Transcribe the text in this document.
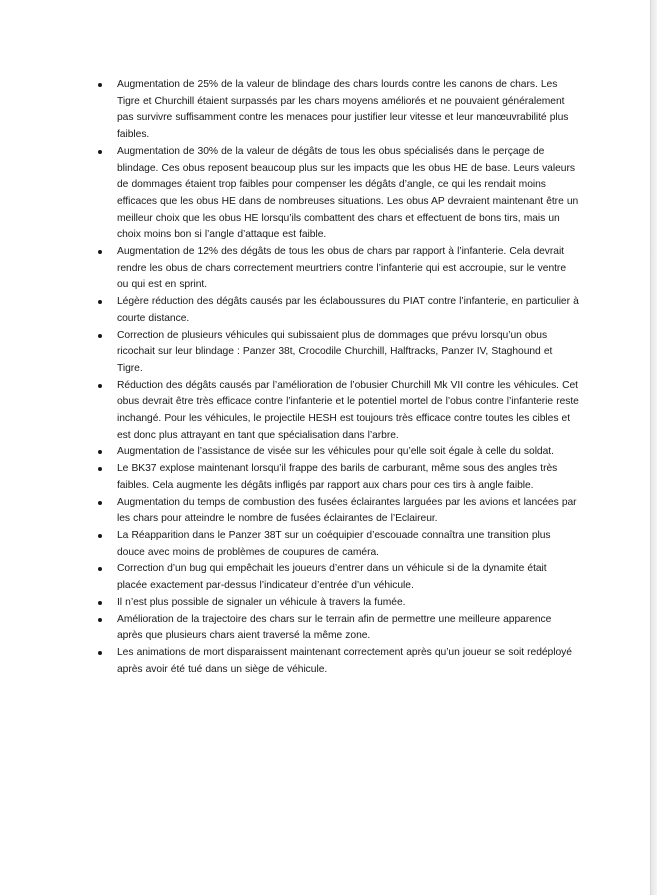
Augmentation de 25% de la valeur de blindage des chars lourds contre les canons de chars. Les Tigre et Churchill étaient surpassés par les chars moyens améliorés et ne pouvaient généralement pas survivre suffisamment contre les menaces pour justifier leur vitesse et leur manœuvrabilité plus faibles.
Augmentation de 30% de la valeur de dégâts de tous les obus spécialisés dans le perçage de blindage. Ces obus reposent beaucoup plus sur les impacts que les obus HE de base. Leurs valeurs de dommages étaient trop faibles pour compenser les dégâts d’angle, ce qui les rendait moins efficaces que les obus HE dans de nombreuses situations. Les obus AP devraient maintenant être un meilleur choix que les obus HE lorsqu’ils combattent des chars et effectuent de bons tirs, mais un choix moins bon si l’angle d’attaque est faible.
Augmentation de 12% des dégâts de tous les obus de chars par rapport à l’infanterie. Cela devrait rendre les obus de chars correctement meurtriers contre l’infanterie qui est accroupie, sur le ventre ou qui est en sprint.
Légère réduction des dégâts causés par les éclaboussures du PIAT contre l’infanterie, en particulier à courte distance.
Correction de plusieurs véhicules qui subissaient plus de dommages que prévu lorsqu’un obus ricochait sur leur blindage : Panzer 38t, Crocodile Churchill, Halftracks, Panzer IV, Staghound et Tigre.
Réduction des dégâts causés par l’amélioration de l’obusier Churchill Mk VII contre les véhicules. Cet obus devrait être très efficace contre l’infanterie et le potentiel mortel de l’obus contre l’infanterie reste inchangé. Pour les véhicules, le projectile HESH est toujours très efficace contre toutes les cibles et est donc plus attrayant en tant que spécialisation dans l’arbre.
Augmentation de l’assistance de visée sur les véhicules pour qu’elle soit égale à celle du soldat.
Le BK37 explose maintenant lorsqu’il frappe des barils de carburant, même sous des angles très faibles. Cela augmente les dégâts infligés par rapport aux chars pour ces tirs à angle faible.
Augmentation du temps de combustion des fusées éclairantes larguées par les avions et lancées par les chars pour atteindre le nombre de fusées éclairantes de l’Eclaireur.
La Réapparition dans le Panzer 38T sur un coéquipier d’escouade connaîtra une transition plus douce avec moins de problèmes de coupures de caméra.
Correction d’un bug qui empêchait les joueurs d’entrer dans un véhicule si de la dynamite était placée exactement par-dessus l’indicateur d’entrée d’un véhicule.
Il n’est plus possible de signaler un véhicule à travers la fumée.
Amélioration de la trajectoire des chars sur le terrain afin de permettre une meilleure apparence après que plusieurs chars aient traversé la même zone.
Les animations de mort disparaissent maintenant correctement après qu’un joueur se soit redéployé après avoir été tué dans un siège de véhicule.
